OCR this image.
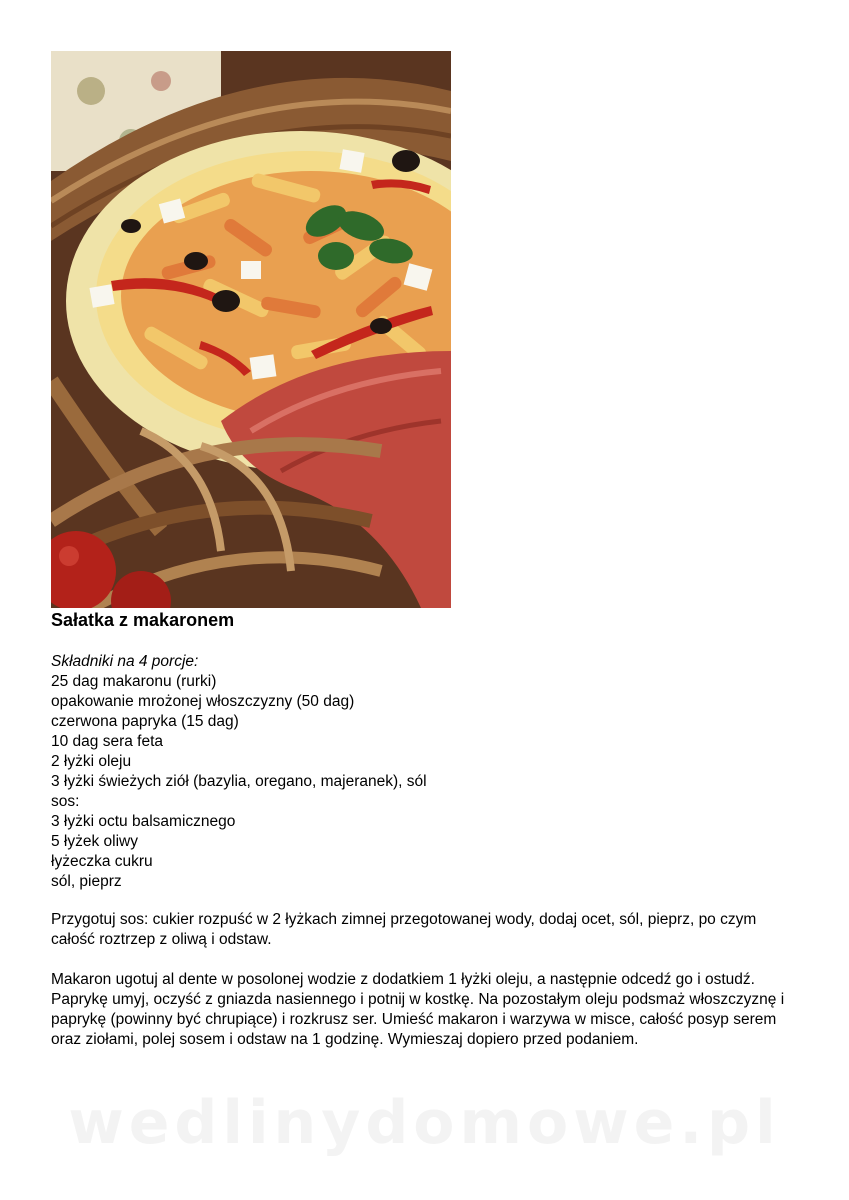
Sałatka z makaronem
Składniki na 4 porcje:
25 dag makaronu (rurki)
opakowanie mrożonej włoszczyzny (50 dag)
czerwona papryka (15 dag)
10 dag sera feta
2 łyżki oleju
3 łyżki świeżych ziół (bazylia, oregano, majeranek), sól
sos:
3 łyżki octu balsamicznego
5 łyżek oliwy
łyżeczka cukru
sól, pieprz

Przygotuj sos: cukier rozpuść w 2 łyżkach zimnej przegotowanej wody, dodaj ocet, sól, pieprz, po czym całość roztrzep z oliwą i odstaw.

Makaron ugotuj al dente w posolonej wodzie z dodatkiem 1 łyżki oleju, a następnie odcedź go i ostudź. Paprykę umyj, oczyść z gniazda nasiennego i potnij w kostkę. Na pozostałym oleju podsmaż włoszczyznę i paprykę (powinny być chrupiące) i rozkrusz ser. Umieść makaron i warzywa w misce, całość posyp serem oraz ziołami, polej sosem i odstaw na 1 godzinę. Wymieszaj dopiero przed podaniem.

wedlinydomowe.pl
